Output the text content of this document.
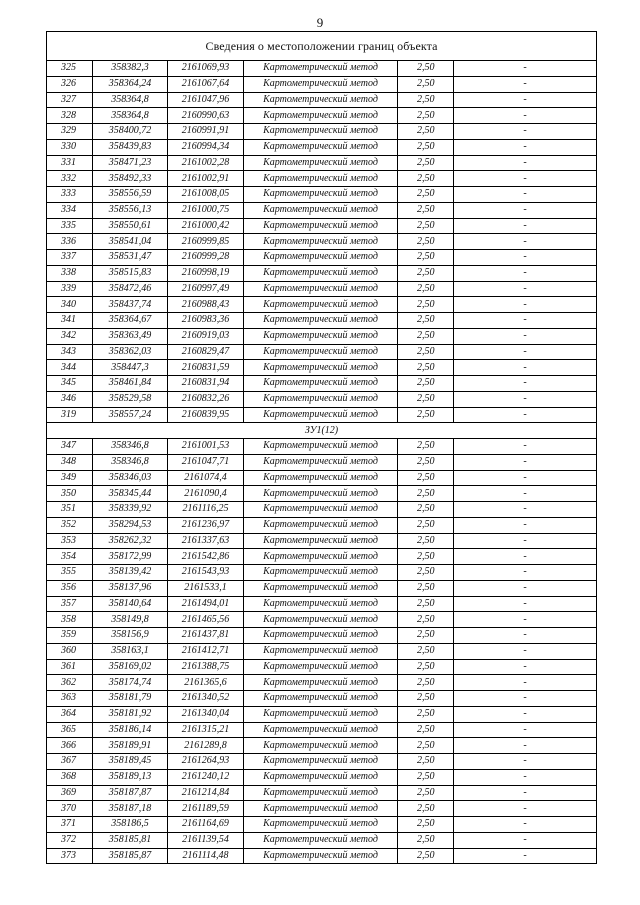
9
Сведения о местоположении границ объекта					
325	358382,3	2161069,93	Картометрический метод	2,50	-
326	358364,24	2161067,64	Картометрический метод	2,50	-
327	358364,8	2161047,96	Картометрический метод	2,50	-
328	358364,8	2160990,63	Картометрический метод	2,50	-
329	358400,72	2160991,91	Картометрический метод	2,50	-
330	358439,83	2160994,34	Картометрический метод	2,50	-
331	358471,23	2161002,28	Картометрический метод	2,50	-
332	358492,33	2161002,91	Картометрический метод	2,50	-
333	358556,59	2161008,05	Картометрический метод	2,50	-
334	358556,13	2161000,75	Картометрический метод	2,50	-
335	358550,61	2161000,42	Картометрический метод	2,50	-
336	358541,04	2160999,85	Картометрический метод	2,50	-
337	358531,47	2160999,28	Картометрический метод	2,50	-
338	358515,83	2160998,19	Картометрический метод	2,50	-
339	358472,46	2160997,49	Картометрический метод	2,50	-
340	358437,74	2160988,43	Картометрический метод	2,50	-
341	358364,67	2160983,36	Картометрический метод	2,50	-
342	358363,49	2160919,03	Картометрический метод	2,50	-
343	358362,03	2160829,47	Картометрический метод	2,50	-
344	358447,3	2160831,59	Картометрический метод	2,50	-
345	358461,84	2160831,94	Картометрический метод	2,50	-
346	358529,58	2160832,26	Картометрический метод	2,50	-
319	358557,24	2160839,95	Картометрический метод	2,50	-
ЗУ1(12)					
347	358346,8	2161001,53	Картометрический метод	2,50	-
348	358346,8	2161047,71	Картометрический метод	2,50	-
349	358346,03	2161074,4	Картометрический метод	2,50	-
350	358345,44	2161090,4	Картометрический метод	2,50	-
351	358339,92	2161116,25	Картометрический метод	2,50	-
352	358294,53	2161236,97	Картометрический метод	2,50	-
353	358262,32	2161337,63	Картометрический метод	2,50	-
354	358172,99	2161542,86	Картометрический метод	2,50	-
355	358139,42	2161543,93	Картометрический метод	2,50	-
356	358137,96	2161533,1	Картометрический метод	2,50	-
357	358140,64	2161494,01	Картометрический метод	2,50	-
358	358149,8	2161465,56	Картометрический метод	2,50	-
359	358156,9	2161437,81	Картометрический метод	2,50	-
360	358163,1	2161412,71	Картометрический метод	2,50	-
361	358169,02	2161388,75	Картометрический метод	2,50	-
362	358174,74	2161365,6	Картометрический метод	2,50	-
363	358181,79	2161340,52	Картометрический метод	2,50	-
364	358181,92	2161340,04	Картометрический метод	2,50	-
365	358186,14	2161315,21	Картометрический метод	2,50	-
366	358189,91	2161289,8	Картометрический метод	2,50	-
367	358189,45	2161264,93	Картометрический метод	2,50	-
368	358189,13	2161240,12	Картометрический метод	2,50	-
369	358187,87	2161214,84	Картометрический метод	2,50	-
370	358187,18	2161189,59	Картометрический метод	2,50	-
371	358186,5	2161164,69	Картометрический метод	2,50	-
372	358185,81	2161139,54	Картометрический метод	2,50	-
373	358185,87	2161114,48	Картометрический метод	2,50	-
